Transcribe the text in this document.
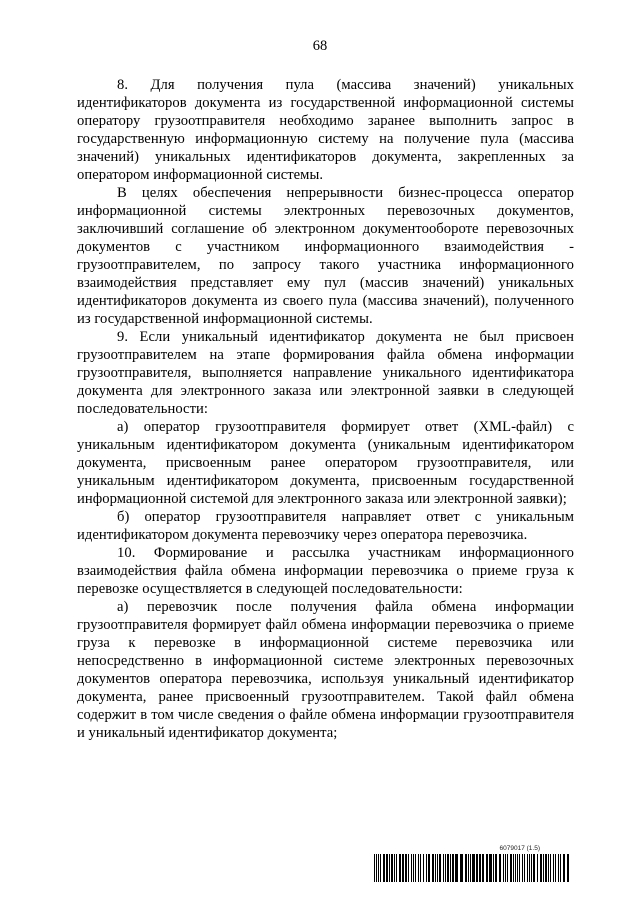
68

8. Для получения пула (массива значений) уникальных идентификаторов документа из государственной информационной системы оператору грузоотправителя необходимо заранее выполнить запрос в государственную информационную систему на получение пула (массива значений) уникальных идентификаторов документа, закрепленных за оператором информационной системы.

В целях обеспечения непрерывности бизнес-процесса оператор информационной системы электронных перевозочных документов, заключивший соглашение об электронном документообороте перевозочных документов с участником информационного взаимодействия - грузоотправителем, по запросу такого участника информационного взаимодействия представляет ему пул (массив значений) уникальных идентификаторов документа из своего пула (массива значений), полученного из государственной информационной системы.

9. Если уникальный идентификатор документа не был присвоен грузоотправителем на этапе формирования файла обмена информации грузоотправителя, выполняется направление уникального идентификатора документа для электронного заказа или электронной заявки в следующей последовательности:

а) оператор грузоотправителя формирует ответ (XML-файл) с уникальным идентификатором документа (уникальным идентификатором документа, присвоенным ранее оператором грузоотправителя, или уникальным идентификатором документа, присвоенным государственной информационной системой для электронного заказа или электронной заявки);

б) оператор грузоотправителя направляет ответ с уникальным идентификатором документа перевозчику через оператора перевозчика.

10. Формирование и рассылка участникам информационного взаимодействия файла обмена информации перевозчика о приеме груза к перевозке осуществляется в следующей последовательности:

а) перевозчик после получения файла обмена информации грузоотправителя формирует файл обмена информации перевозчика о приеме груза к перевозке в информационной системе перевозчика или непосредственно в информационной системе электронных перевозочных документов оператора перевозчика, используя уникальный идентификатор документа, ранее присвоенный грузоотправителем. Такой файл обмена содержит в том числе сведения о файле обмена информации грузоотправителя и уникальный идентификатор документа;

6079017 (1.5)
